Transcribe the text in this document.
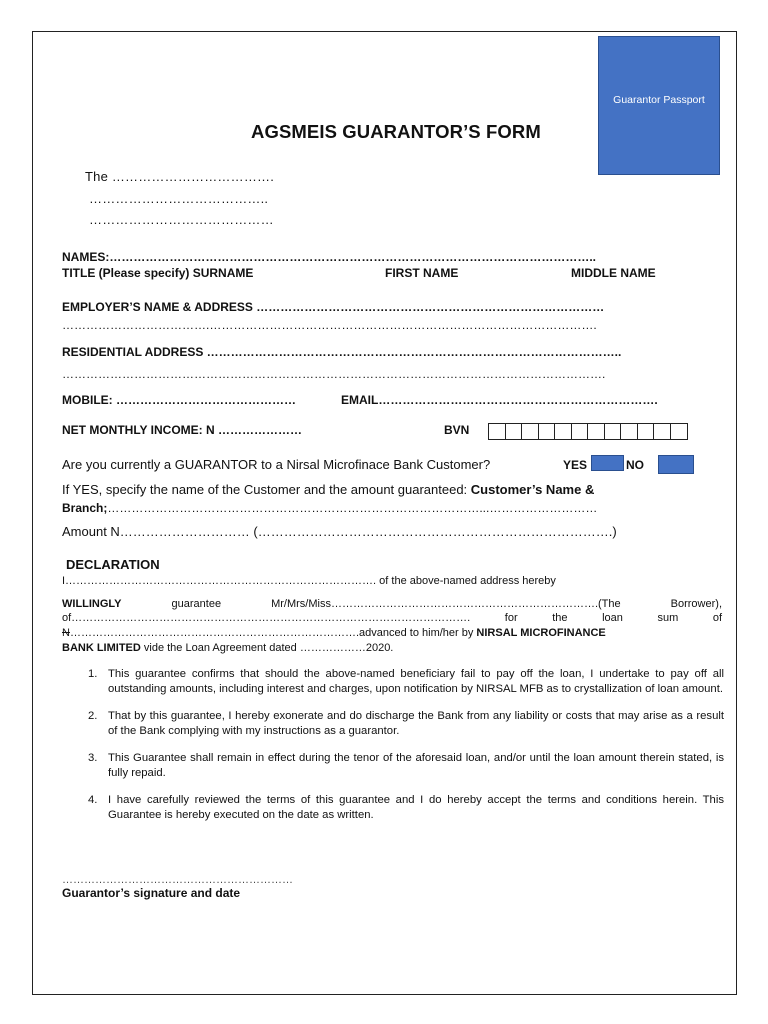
Guarantor Passport
AGSMEIS GUARANTOR’S FORM
The ……………………………….
…………………………………..
……………………………………
NAMES:…………………………………………………………………………………………………………..
TITLE (Please specify) SURNAME	FIRST NAME	MIDDLE NAME
EMPLOYER’S NAME & ADDRESS ……………………………………………………………………………
……………………………….…………………………………………………………………………………….
RESIDENTIAL ADDRESS …………………………………………………………………………………………..
……………………………………………………………………………………………………………………….
MOBILE: ………………………………………	EMAIL…………………………………………………………….
NET MONTHLY INCOME: N …………………	BVN
Are you currently a GUARANTOR to a Nirsal Microfinace Bank Customer?	YES	NO
If YES, specify the name of the Customer and the amount guaranteed: Customer’s Name &
Branch;…………………………………………………………………………………...………………………
Amount N………………………… (……………………………………………………………………….)
DECLARATION
I…………………………………………………………………………. of the above-named address hereby
WILLINGLY	guarantee Mr/Mrs/Miss……………………………………………………………….(The Borrower), of………………………………………………………………………………………………. for the loan sum of
N…………………………………………………………………….advanced to him/her by NIRSAL MICROFINANCE
BANK LIMITED vide the Loan Agreement dated ………………2020.
1. This guarantee confirms that should the above-named beneficiary fail to pay off the loan, I undertake to pay off all outstanding amounts, including interest and charges, upon notification by NIRSAL MFB as to crystallization of loan amount.
2. That by this guarantee, I hereby exonerate and do discharge the Bank from any liability or costs that may arise as a result of the Bank complying with my instructions as a guarantor.
3. This Guarantee shall remain in effect during the tenor of the aforesaid loan, and/or until the loan amount therein stated, is fully repaid.
4. I have carefully reviewed the terms of this guarantee and I do hereby accept the terms and conditions herein. This Guarantee is hereby executed on the date as written.
………………………………………………………
Guarantor’s signature and date
